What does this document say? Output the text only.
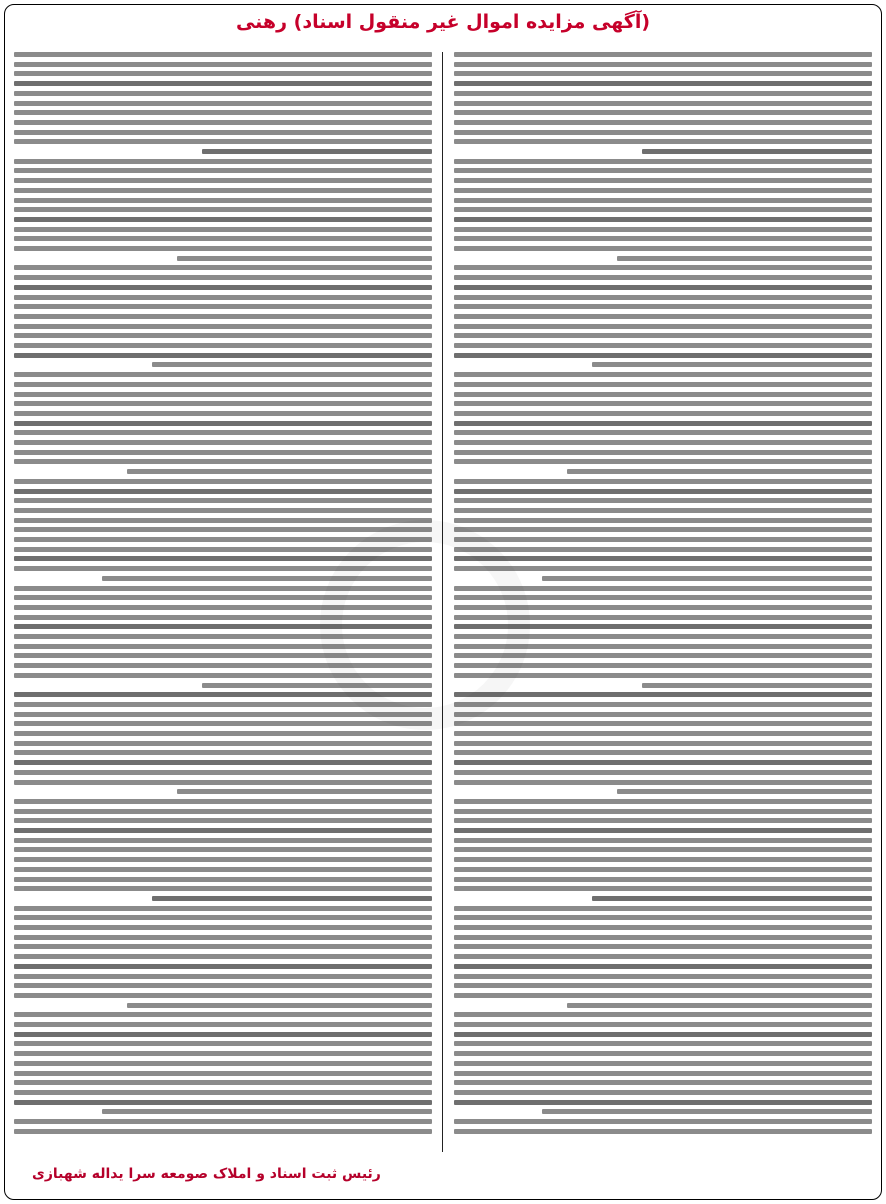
(آگهی مزایده اموال غیر منقول اسناد) رهنی
رئیس ثبت اسناد و املاک صومعه سرا یداله شهبازی
